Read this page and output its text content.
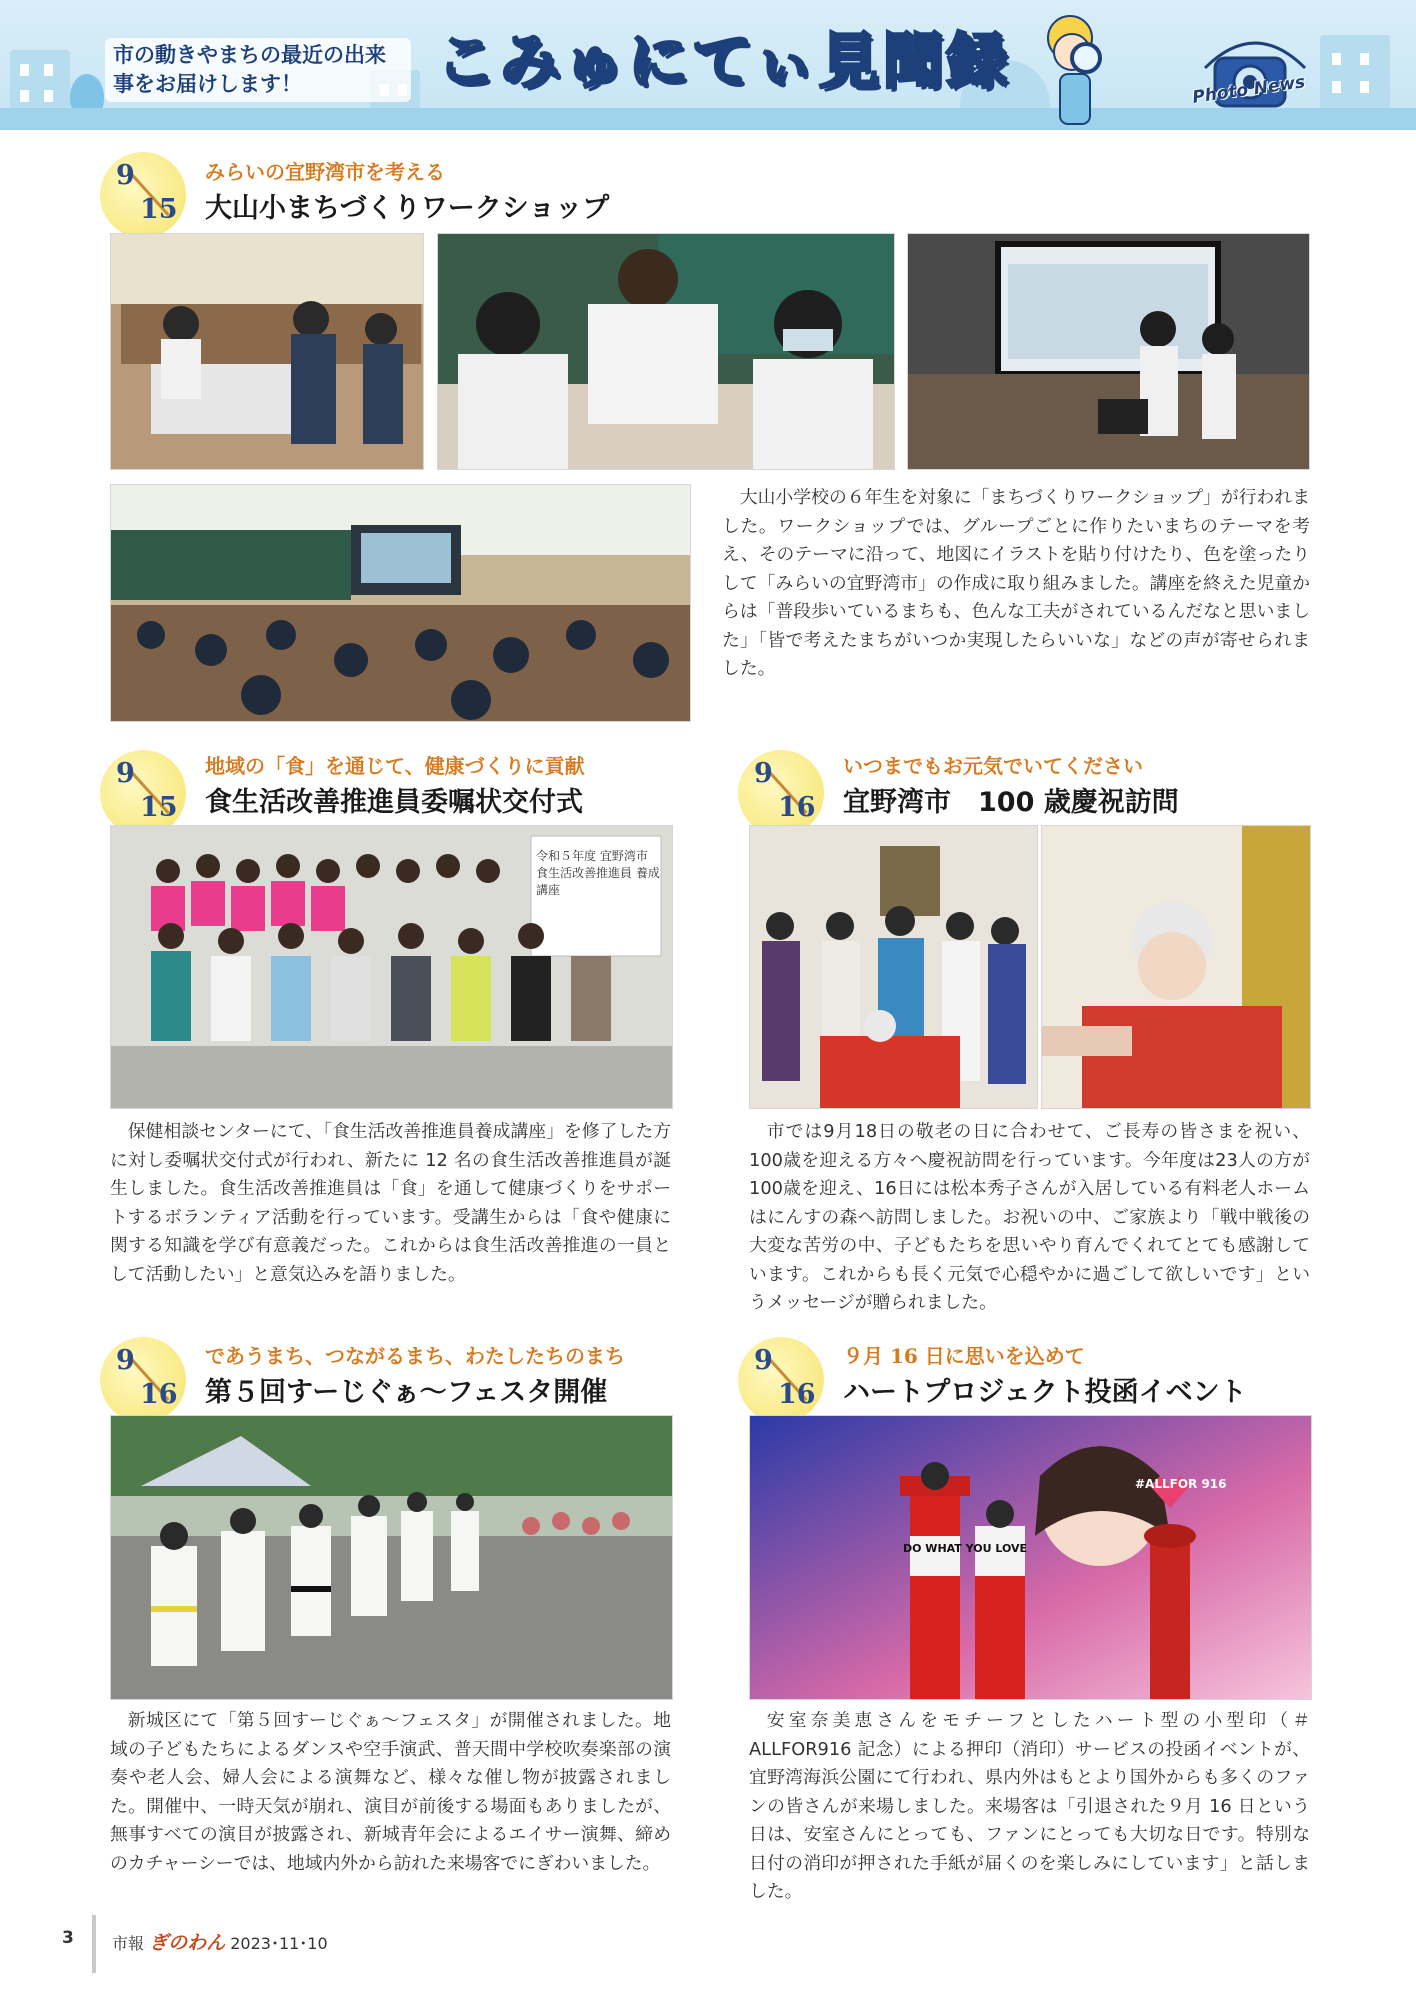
市の動きやまちの最近の出来事をお届けします！	こみゅにてぃ見聞録	Photo News
9
15
みらいの宜野湾市を考える
大山小まちづくりワークショップ
大山小学校の６年生を対象に「まちづくりワークショップ」が行われました。ワークショップでは、グループごとに作りたいまちのテーマを考え、そのテーマに沿って、地図にイラストを貼り付けたり、色を塗ったりして「みらいの宜野湾市」の作成に取り組みました。講座を終えた児童からは「普段歩いているまちも、色んな工夫がされているんだなと思いました」「皆で考えたまちがいつか実現したらいいな」などの声が寄せられました。
9
15
地域の「食」を通じて、健康づくりに貢献
食生活改善推進員委嘱状交付式
令和５年度 宜野湾市 食生活改善推進員 養成講座
保健相談センターにて、「食生活改善推進員養成講座」を修了した方に対し委嘱状交付式が行われ、新たに 12 名の食生活改善推進員が誕生しました。食生活改善推進員は「食」を通して健康づくりをサポートするボランティア活動を行っています。受講生からは「食や健康に関する知識を学び有意義だった。これからは食生活改善推進の一員として活動したい」と意気込みを語りました。
9
16
いつまでもお元気でいてください
宜野湾市　100 歳慶祝訪問
市では9月18日の敬老の日に合わせて、ご長寿の皆さまを祝い、100歳を迎える方々へ慶祝訪問を行っています。今年度は23人の方が100歳を迎え、16日には松本秀子さんが入居している有料老人ホームはにんすの森へ訪問しました。お祝いの中、ご家族より「戦中戦後の大変な苦労の中、子どもたちを思いやり育んでくれてとても感謝しています。これからも長く元気で心穏やかに過ごして欲しいです」というメッセージが贈られました。
9
16
であうまち、つながるまち、わたしたちのまち
第５回すーじぐぁ～フェスタ開催
新城区にて「第５回すーじぐぁ～フェスタ」が開催されました。地域の子どもたちによるダンスや空手演武、普天間中学校吹奏楽部の演奏や老人会、婦人会による演舞など、様々な催し物が披露されました。開催中、一時天気が崩れ、演目が前後する場面もありましたが、無事すべての演目が披露され、新城青年会によるエイサー演舞、締めのカチャーシーでは、地域内外から訪れた来場客でにぎわいました。
9
16
９月 16 日に思いを込めて
ハートプロジェクト投函イベント
#ALLFOR 916
DO WHAT YOU LOVE
安室奈美恵さんをモチーフとしたハート型の小型印（＃ ALLFOR916 記念）による押印（消印）サービスの投函イベントが、宜野湾海浜公園にて行われ、県内外はもとより国外からも多くのファンの皆さんが来場しました。来場客は「引退された９月 16 日という日は、安室さんにとっても、ファンにとっても大切な日です。特別な日付の消印が押された手紙が届くのを楽しみにしています」と話しました。
3 市報 ぎのわん 2023･11･10
